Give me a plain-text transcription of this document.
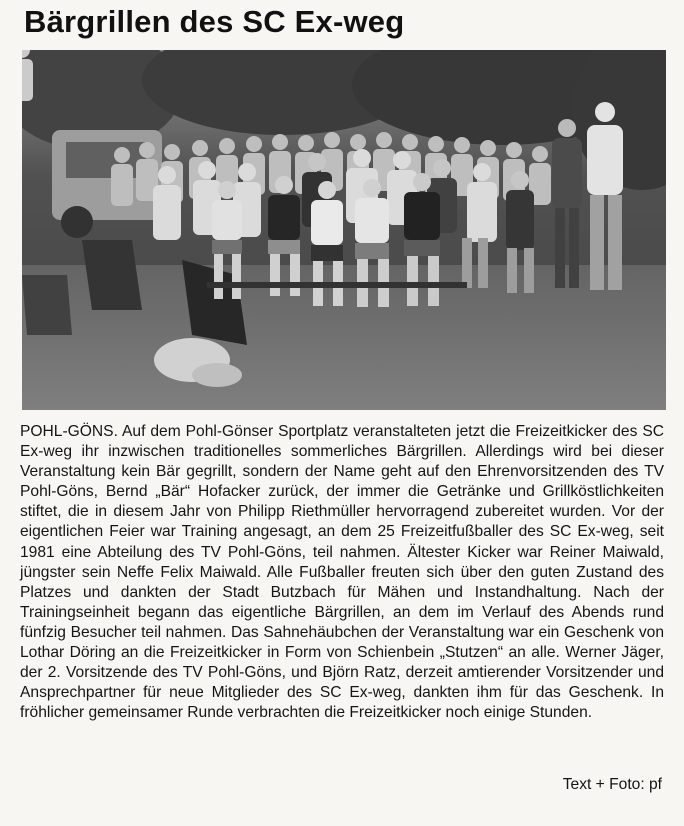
Bärgrillen des SC Ex-weg
POHL-GÖNS. Auf dem Pohl-Gönser Sportplatz veranstalteten jetzt die Freizeitkicker des SC Ex-weg ihr inzwischen traditionelles sommerliches Bärgrillen. Allerdings wird bei dieser Veranstaltung kein Bär gegrillt, sondern der Name geht auf den Ehrenvorsitzenden des TV Pohl-Göns, Bernd „Bär“ Hofacker zurück, der immer die Getränke und Grillköstlichkeiten stiftet, die in diesem Jahr von Philipp Riethmüller hervorragend zubereitet wurden. Vor der eigentlichen Feier war Training angesagt, an dem 25 Freizeitfußballer des SC Ex-weg, seit 1981 eine Abteilung des TV Pohl-Göns, teil nahmen. Ältester Kicker war Reiner Maiwald, jüngster sein Neffe Felix Maiwald. Alle Fußballer freuten sich über den guten Zustand des Platzes und dankten der Stadt Butzbach für Mähen und Instandhaltung. Nach der Trainingseinheit begann das eigentliche Bärgrillen, an dem im Verlauf des Abends rund fünfzig Besucher teil nahmen. Das Sahnehäubchen der Veranstaltung war ein Geschenk von Lothar Döring an die Freizeitkicker in Form von Schienbein „Stutzen“ an alle. Werner Jäger, der 2. Vorsitzende des TV Pohl-Göns, und Björn Ratz, derzeit amtierender Vorsitzender und Ansprechpartner für neue Mitglieder des SC Ex-weg, dankten ihm für das Geschenk. In fröhlicher gemeinsamer Runde verbrachten die Freizeitkicker noch einige Stunden.
Text + Foto: pf
